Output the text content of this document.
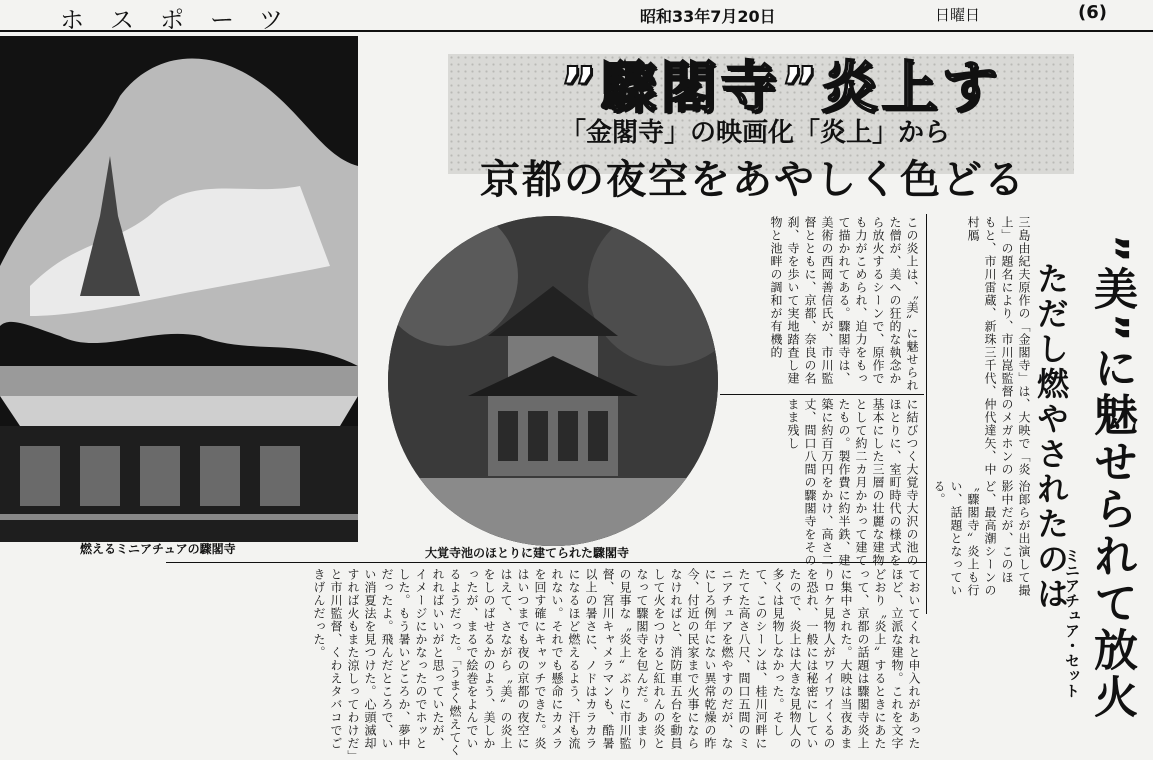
ホスポーツ	昭和33年7月20日	日曜日	(6)
燃えるミニアチュアの驟閣寺
”驟閣寺”炎上す
「金閣寺」の映画化「炎上」から
京都の夜空をあやしく色どる
大覚寺池のほとりに建てられた驟閣寺
この炎上は、〝美〟に魅せられた僧が、美への狂的な執念から放火するシーンで、原作でも力がこめられ、迫力をもって描かれてある。驟閣寺は、美術の西岡善信氏が、市川監督とともに、京都、奈良の名刹、寺を歩いて実地踏査し建物と池畔の調和が有機的
に結びつく大覚寺大沢の池のほとりに、室町時代の様式を基本にした三層の壮麗な建物として約二カ月かかって建てたもの。製作費に約半鉄、建築に約百万円をかけ、高さ二丈、間口八間の驟閣寺をそのまま残し	三島由紀夫原作の「金閣寺」は、大映で「炎上」の題名により、市川崑監督のメガホンのもと、市川雷蔵、新珠三千代、仲代達矢、中村鴈
治郎らが出演して撮影中だが、このほど、最高潮シーンの〝驟閣寺〟炎上も行い、話題となっている。
ておいてくれと申入れがあったほど、立派な建物。これを文字どおり〝炎上〟するときにあたって、京都の話題は驟閣寺炎上に集中された。大映は当夜あまりロケ見物人がワイワイくるのを恐れ、一般には秘密にしていたので、炎上は大きな見物人の多くは見物しなかった。そして、このシーンは、桂川河畔にたてた高さ八尺、間口五間のミニアチュアを燃やすのだが、なにしろ例年にない異常乾燥の昨今、付近の民家まで火事にならなければと、消防車五台を動員して火をつけると紅れんの炎となって驟閣寺を包んだ。あまりの見事な〝炎上〟ぶりに市川監督、宮川キャメラマンも、酷暑以上の暑さに、ノドはカラカラになるほど燃えるよう、汗も流れない。それでも懸命にカメラを回す確にキャッチできた。炎はいつまでも夜の京都の夜空にはえて、さながら〝美〟の炎上をしのばせるかのよう、美しかったが、まるで絵巻をよんでいるようだった。「うまく燃えてくれればいいがと思っていたが、イメージにかなったのでホッとした。もう暑いどころか、夢中だったよ。飛んだところで、いい消夏法を見つけた。心頭滅却すれば火もまた涼しってわけだ」と市川監督、くわえタバコでごきげんだった。	”美”に魅せられて放火
ただし燃やされたのは
ミニアチュア・セット
